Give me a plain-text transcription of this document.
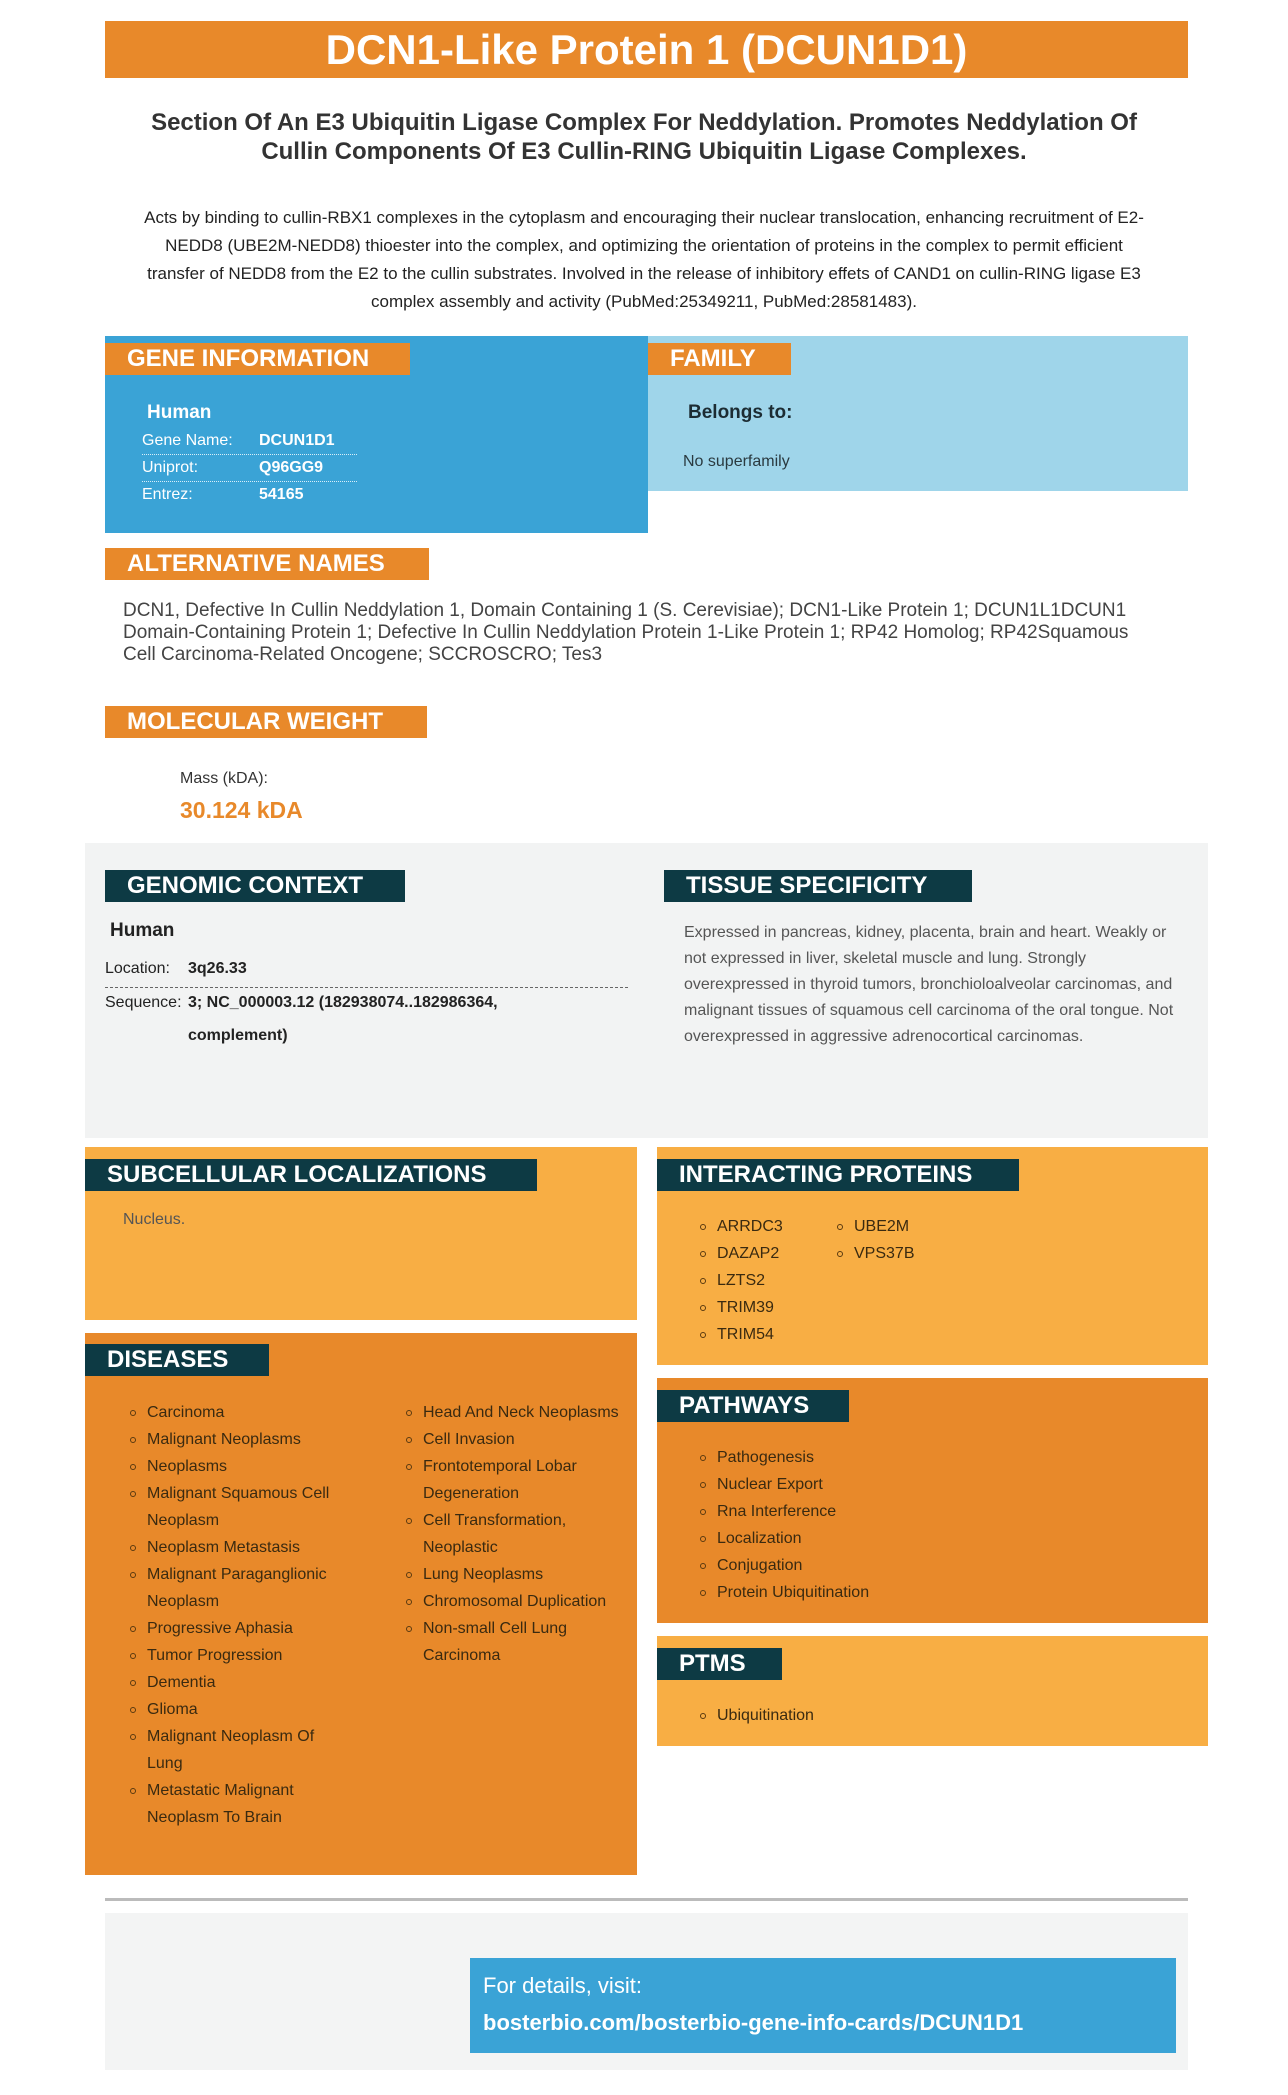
DCN1-Like Protein 1 (DCUN1D1)
Section Of An E3 Ubiquitin Ligase Complex For Neddylation. Promotes Neddylation Of Cullin Components Of E3 Cullin-RING Ubiquitin Ligase Complexes.
Acts by binding to cullin-RBX1 complexes in the cytoplasm and encouraging their nuclear translocation, enhancing recruitment of E2-NEDD8 (UBE2M-NEDD8) thioester into the complex, and optimizing the orientation of proteins in the complex to permit efficient transfer of NEDD8 from the E2 to the cullin substrates. Involved in the release of inhibitory effets of CAND1 on cullin-RING ligase E3 complex assembly and activity (PubMed:25349211, PubMed:28581483).
GENE INFORMATION
Human
Gene Name: DCUN1D1
Uniprot:	Q96GG9
Entrez:	54165
FAMILY
Belongs to:
No superfamily
ALTERNATIVE NAMES
DCN1, Defective In Cullin Neddylation 1, Domain Containing 1 (S. Cerevisiae); DCN1-Like Protein 1; DCUN1L1DCUN1 Domain-Containing Protein 1; Defective In Cullin Neddylation Protein 1-Like Protein 1; RP42 Homolog; RP42Squamous Cell Carcinoma-Related Oncogene; SCCROSCRO; Tes3
MOLECULAR WEIGHT
Mass (kDA):
30.124 kDA
GENOMIC CONTEXT
Human
Location: 3q26.33
Sequence: 3; NC_000003.12 (182938074..182986364,
complement)
TISSUE SPECIFICITY
Expressed in pancreas, kidney, placenta, brain and heart. Weakly or not expressed in liver, skeletal muscle and lung. Strongly overexpressed in thyroid tumors, bronchioloalveolar carcinomas, and malignant tissues of squamous cell carcinoma of the oral tongue. Not overexpressed in aggressive adrenocortical carcinomas.
SUBCELLULAR LOCALIZATIONS
Nucleus.
INTERACTING PROTEINS
ARRDC3
DAZAP2
LZTS2
TRIM39
TRIM54
UBE2M
VPS37B
DISEASES
Carcinoma
Malignant Neoplasms
Neoplasms
Malignant Squamous Cell Neoplasm
Neoplasm Metastasis
Malignant Paraganglionic Neoplasm
Progressive Aphasia
Tumor Progression
Dementia
Glioma
Malignant Neoplasm Of Lung
Metastatic Malignant Neoplasm To Brain
Head And Neck Neoplasms
Cell Invasion
Frontotemporal Lobar Degeneration
Cell Transformation, Neoplastic
Lung Neoplasms
Chromosomal Duplication
Non-small Cell Lung Carcinoma
PATHWAYS
Pathogenesis
Nuclear Export
Rna Interference
Localization
Conjugation
Protein Ubiquitination
PTMS
Ubiquitination
For details, visit:
bosterbio.com/bosterbio-gene-info-cards/DCUN1D1
